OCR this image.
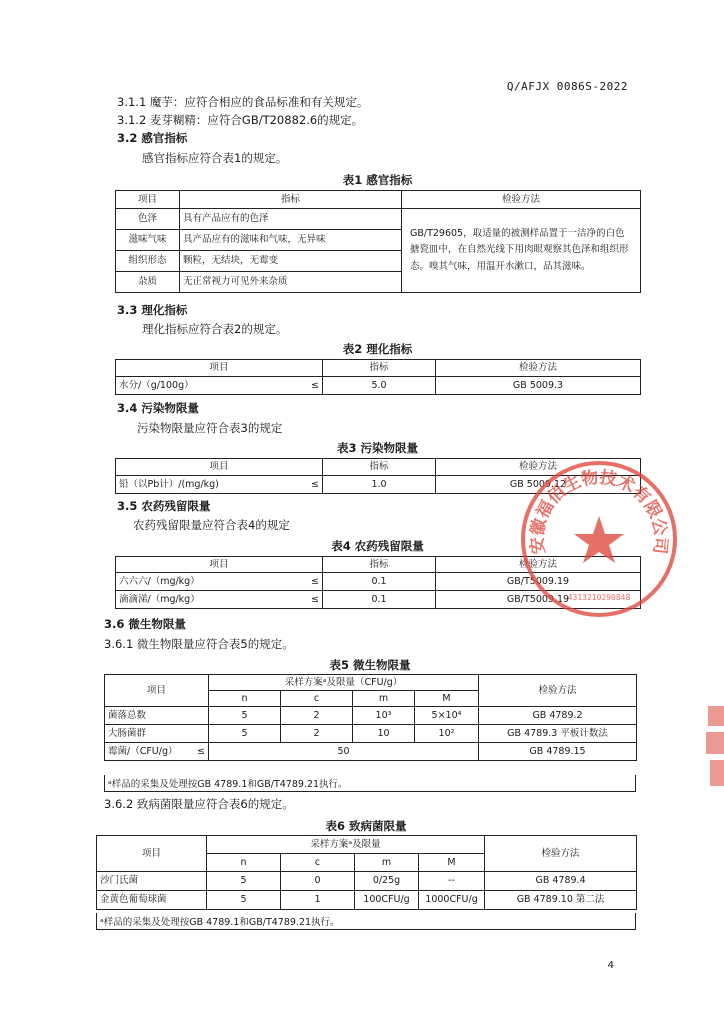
Q/AFJX 0086S-2022
3.1.1 魔芋：应符合相应的食品标准和有关规定。
3.1.2 麦芽糊精：应符合GB/T20882.6的规定。
3.2 感官指标
感官指标应符合表1的规定。
表1 感官指标
项目	指标	检验方法
色泽	具有产品应有的色泽	GB/T29605，取适量的被测样品置于一洁净的白色搪瓷皿中，在自然光线下用肉眼观察其色泽和组织形态。嗅其气味，用温开水漱口，品其滋味。
滋味气味	具产品应有的滋味和气味，无异味	
组织形态	颗粒，无结块，无霉变	
杂质	无正常视力可见外来杂质	
3.3 理化指标
理化指标应符合表2的规定。
表2 理化指标
项目	指标	检验方法
水分/（g/100g） ≤	5.0	GB 5009.3
3.4 污染物限量
污染物限量应符合表3的规定
表3 污染物限量
项目	指标	检验方法
铅（以Pb计）/(mg/kg) ≤	1.0	GB 5009.12
3.5 农药残留限量
农药残留限量应符合表4的规定
表4 农药残留限量
项目	指标	检验方法
六六六/（mg/kg） ≤	0.1	GB/T5009.19
滴滴涕/（mg/kg） ≤	0.1	GB/T5009.19
3.6 微生物限量
3.6.1 微生物限量应符合表5的规定。
表5 微生物限量
项目	采样方案ᵃ及限量（CFU/g）				检验方法
	n	c	m	M	
菌落总数	5	2	10³	5×10⁴	GB 4789.2
大肠菌群	5	2	10	10²	GB 4789.3 平板计数法
霉菌/（CFU/g） ≤	50				GB 4789.15
ᵃ样品的采集及处理按GB 4789.1和GB/T4789.21执行。
3.6.2 致病菌限量应符合表6的规定。
表6 致病菌限量
项目	采样方案ᵃ及限量				检验方法
	n	c	m	M	
沙门氏菌	5	0	0/25g	--	GB 4789.4
金黄色葡萄球菌	5	1	100CFU/g	1000CFU/g	GB 4789.10 第二法
ᵃ样品的采集及处理按GB 4789.1和GB/T4789.21执行。
安徽福佰生物技术有限公司
4313210290848
4
